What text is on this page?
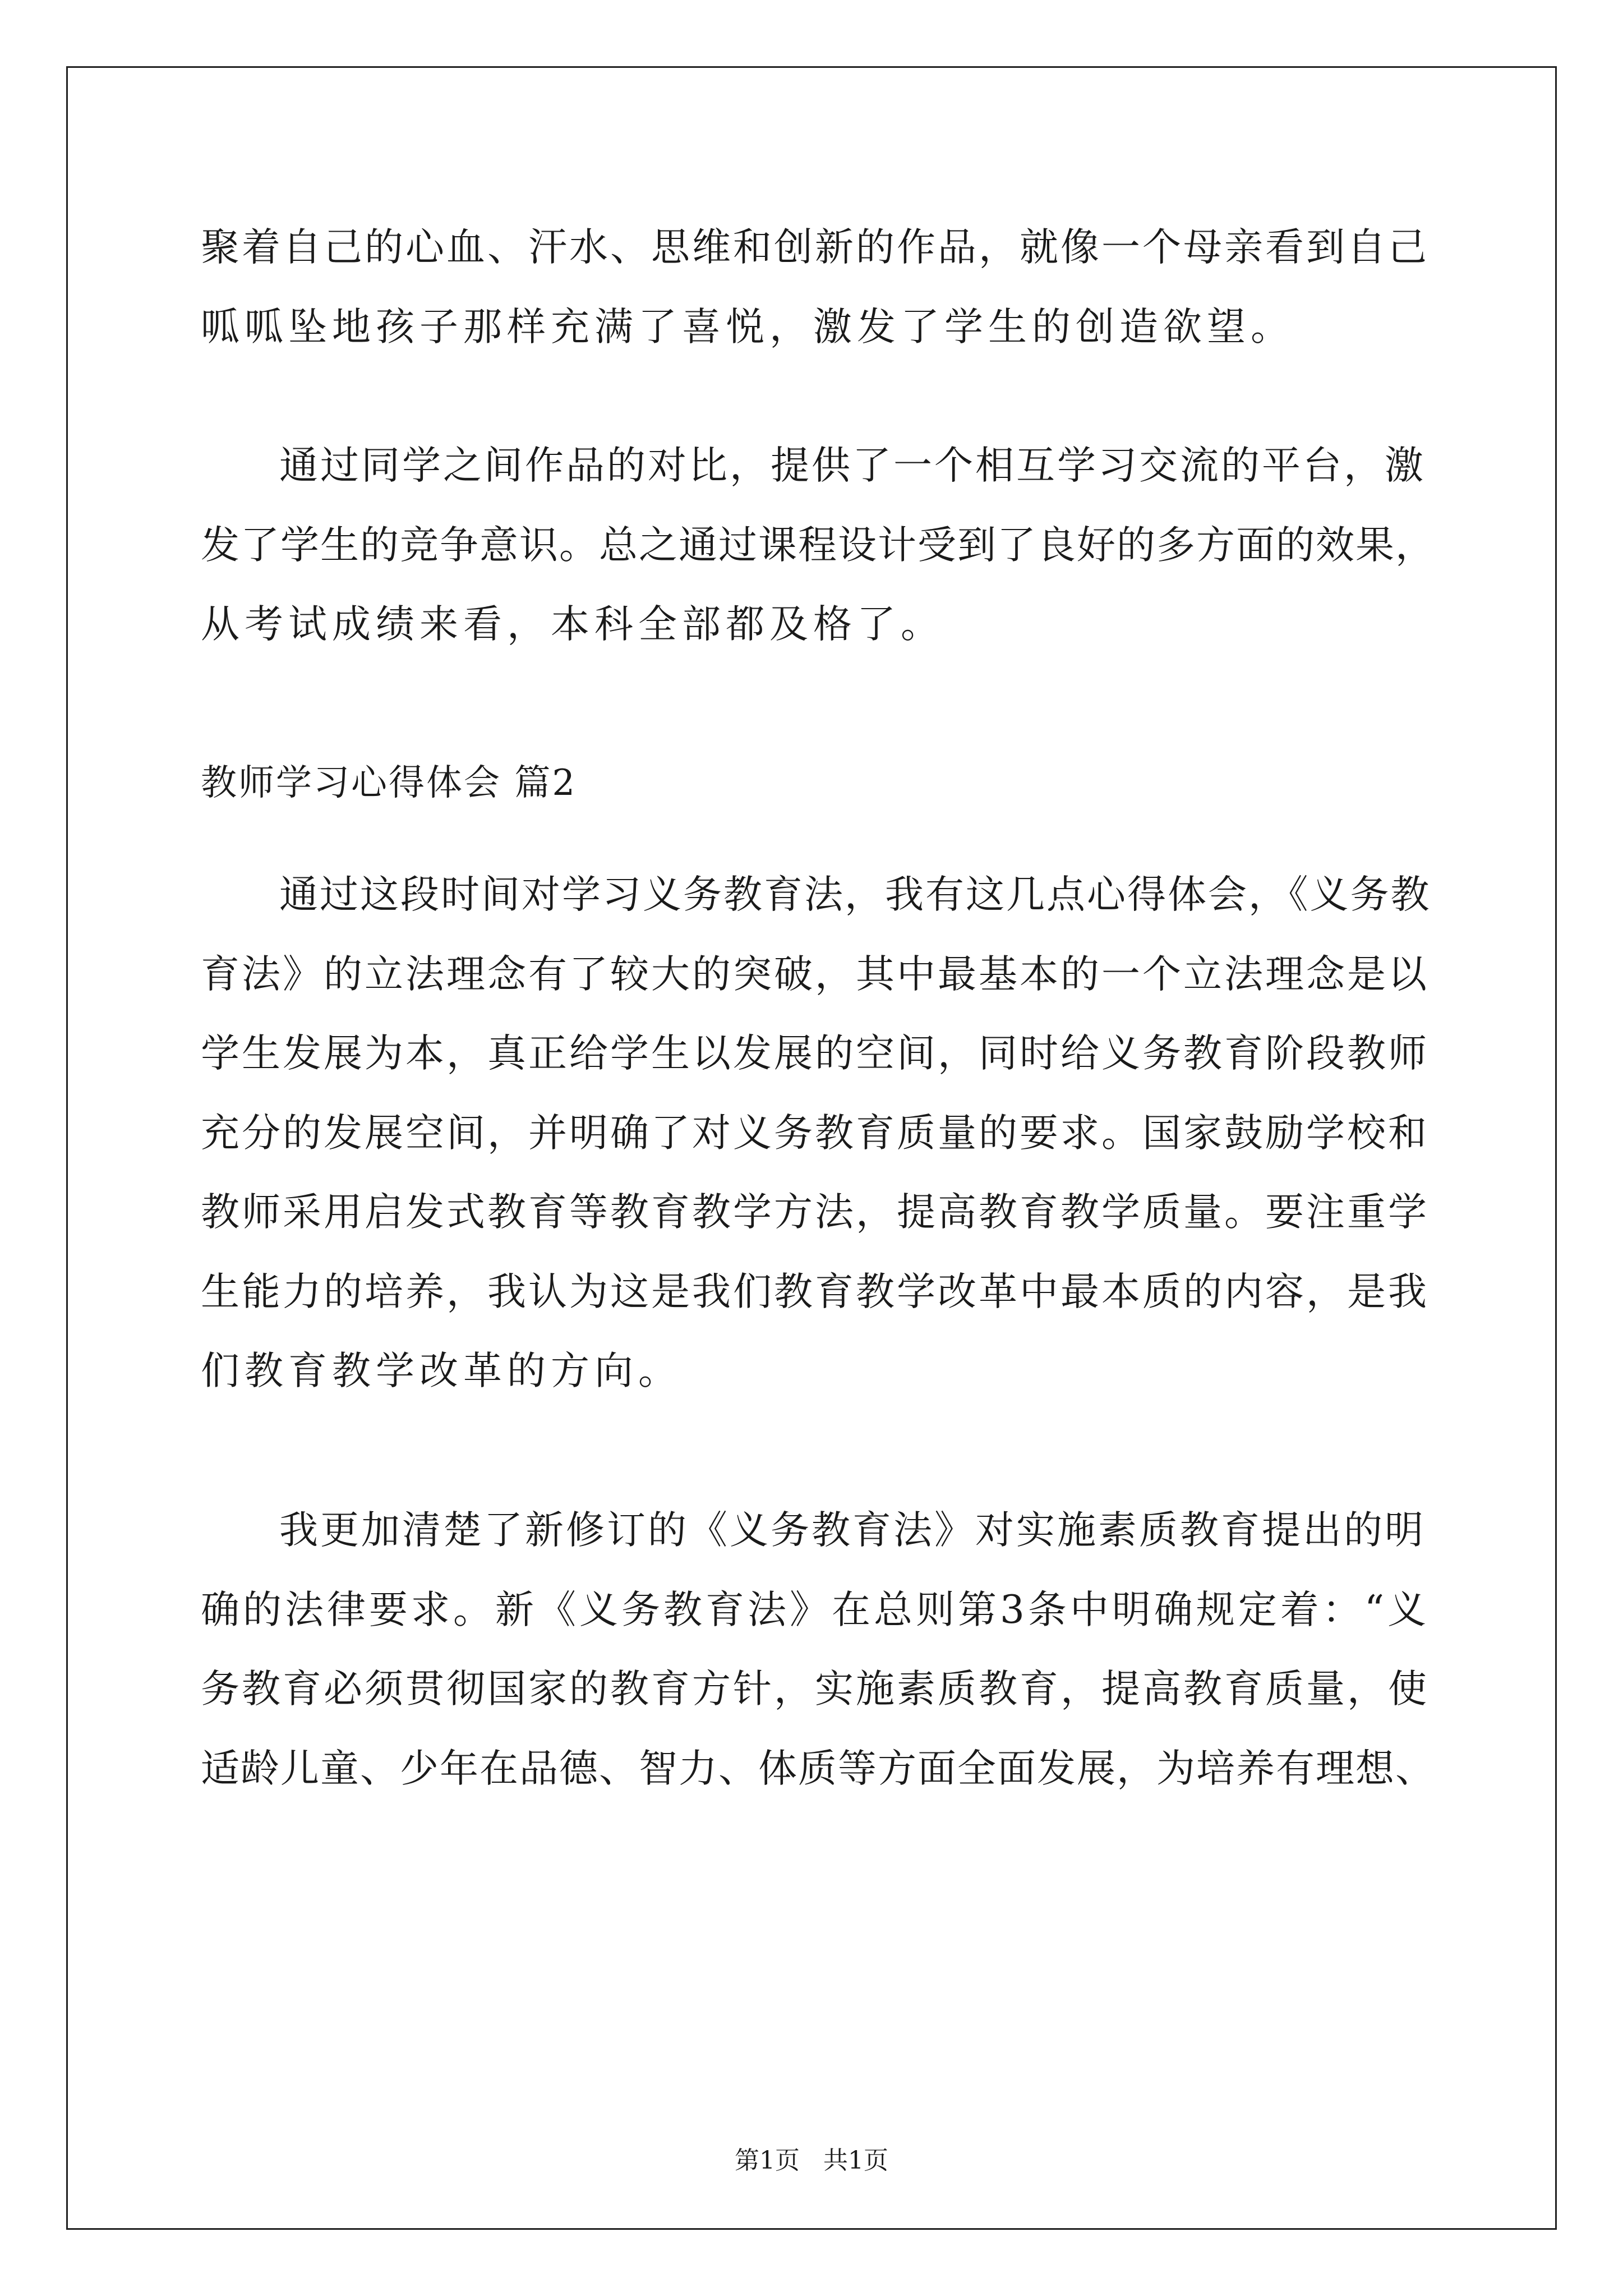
聚着自己的心血、汗水、思维和创新的作品，就像一个母亲看到自己
呱呱坠地孩子那样充满了喜悦，激发了学生的创造欲望。
通过同学之间作品的对比，提供了一个相互学习交流的平台，激
发了学生的竞争意识。总之通过课程设计受到了良好的多方面的效果，
从考试成绩来看，本科全部都及格了。
教师学习心得体会 篇2
通过这段时间对学习义务教育法，我有这几点心得体会，《义务教
育法》的立法理念有了较大的突破，其中最基本的一个立法理念是以
学生发展为本，真正给学生以发展的空间，同时给义务教育阶段教师
充分的发展空间，并明确了对义务教育质量的要求。国家鼓励学校和
教师采用启发式教育等教育教学方法，提高教育教学质量。要注重学
生能力的培养，我认为这是我们教育教学改革中最本质的内容，是我
们教育教学改革的方向。
我更加清楚了新修订的《义务教育法》对实施素质教育提出的明
确的法律要求。新《义务教育法》在总则第3条中明确规定着：“义
务教育必须贯彻国家的教育方针，实施素质教育，提高教育质量，使
适龄儿童、少年在品德、智力、体质等方面全面发展，为培养有理想、
第1页   共1页
